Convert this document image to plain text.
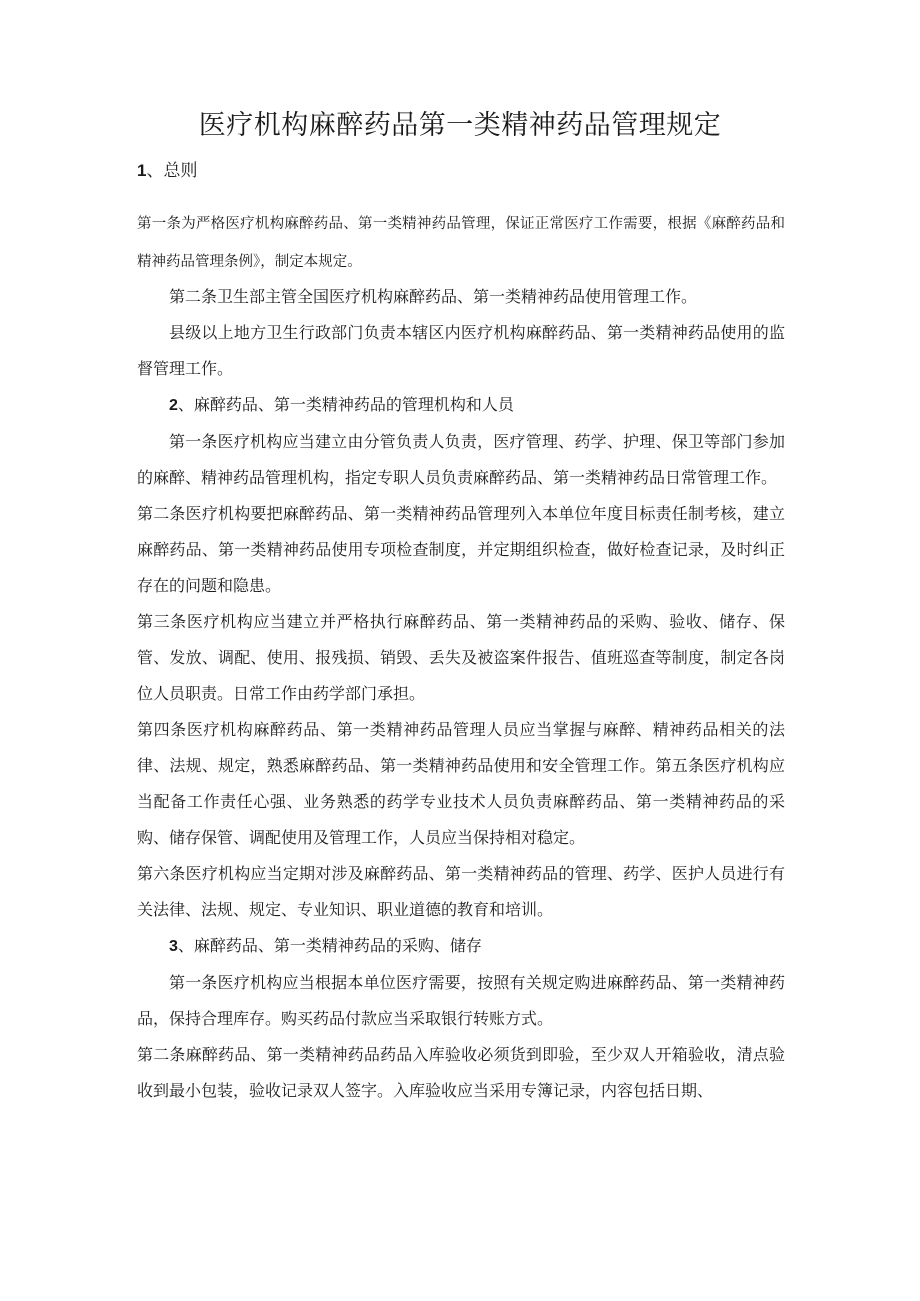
医疗机构麻醉药品第一类精神药品管理规定
1、总则

第一条为严格医疗机构麻醉药品、第一类精神药品管理，保证正常医疗工作需要，根据《麻醉药品和精神药品管理条例》，制定本规定。

第二条卫生部主管全国医疗机构麻醉药品、第一类精神药品使用管理工作。

县级以上地方卫生行政部门负责本辖区内医疗机构麻醉药品、第一类精神药品使用的监督管理工作。

2、麻醉药品、第一类精神药品的管理机构和人员

第一条医疗机构应当建立由分管负责人负责，医疗管理、药学、护理、保卫等部门参加的麻醉、精神药品管理机构，指定专职人员负责麻醉药品、第一类精神药品日常管理工作。

第二条医疗机构要把麻醉药品、第一类精神药品管理列入本单位年度目标责任制考核，建立麻醉药品、第一类精神药品使用专项检查制度，并定期组织检查，做好检查记录，及时纠正存在的问题和隐患。

第三条医疗机构应当建立并严格执行麻醉药品、第一类精神药品的采购、验收、储存、保管、发放、调配、使用、报残损、销毁、丢失及被盗案件报告、值班巡查等制度，制定各岗位人员职责。日常工作由药学部门承担。

第四条医疗机构麻醉药品、第一类精神药品管理人员应当掌握与麻醉、精神药品相关的法律、法规、规定，熟悉麻醉药品、第一类精神药品使用和安全管理工作。第五条医疗机构应当配备工作责任心强、业务熟悉的药学专业技术人员负责麻醉药品、第一类精神药品的采购、储存保管、调配使用及管理工作，人员应当保持相对稳定。

第六条医疗机构应当定期对涉及麻醉药品、第一类精神药品的管理、药学、医护人员进行有关法律、法规、规定、专业知识、职业道德的教育和培训。

3、麻醉药品、第一类精神药品的采购、储存

第一条医疗机构应当根据本单位医疗需要，按照有关规定购进麻醉药品、第一类精神药品，保持合理库存。购买药品付款应当采取银行转账方式。

第二条麻醉药品、第一类精神药品药品入库验收必须货到即验，至少双人开箱验收，清点验收到最小包装，验收记录双人签字。入库验收应当采用专簿记录，内容包括日期、
